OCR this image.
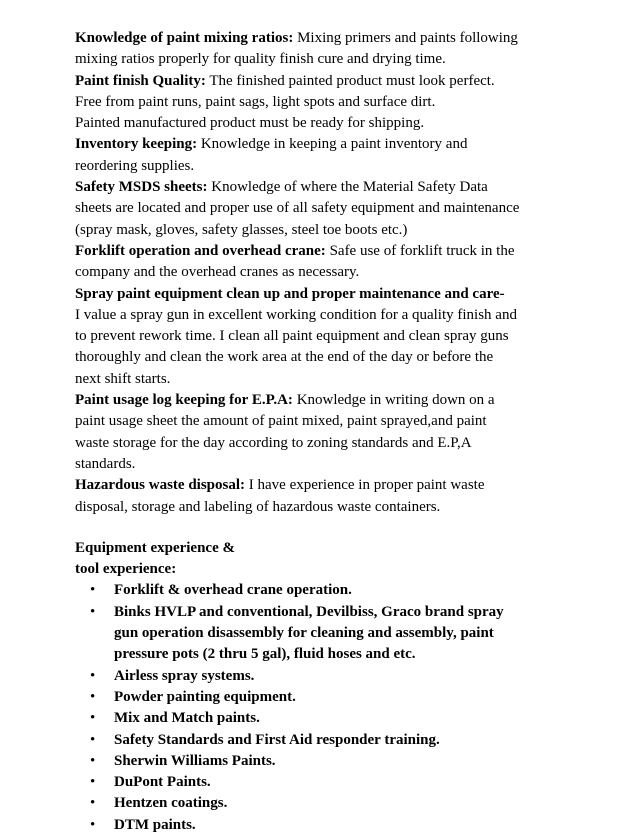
Knowledge of paint mixing ratios: Mixing primers and paints following
mixing ratios properly for quality finish cure and drying time.
Paint finish Quality: The finished painted product must look perfect.
Free from paint runs, paint sags, light spots and surface dirt.
Painted manufactured product must be ready for shipping.
Inventory keeping: Knowledge in keeping a paint inventory and
reordering supplies.
Safety MSDS sheets: Knowledge of where the Material Safety Data
sheets are located and proper use of all safety equipment and maintenance
(spray mask, gloves, safety glasses, steel toe boots etc.)
Forklift operation and overhead crane: Safe use of forklift truck in the
company and the overhead cranes as necessary.
Spray paint equipment clean up and proper maintenance and care-
I value a spray gun in excellent working condition for a quality finish and
to prevent rework time. I clean all paint equipment and clean spray guns
thoroughly and clean the work area at the end of the day or before the
next shift starts.
Paint usage log keeping for E.P.A: Knowledge in writing down on a
paint usage sheet the amount of paint mixed, paint sprayed,and paint
waste storage for the day according to zoning standards and E.P,A
standards.
Hazardous waste disposal: I have experience in proper paint waste
disposal, storage and labeling of hazardous waste containers.
Equipment experience &
tool experience:
• Forklift & overhead crane operation.
• Binks HVLP and conventional, Devilbiss, Graco brand spray
gun operation disassembly for cleaning and assembly, paint
pressure pots (2 thru 5 gal), fluid hoses and etc.
• Airless spray systems.
• Powder painting equipment.
• Mix and Match paints.
• Safety Standards and First Aid responder training.
• Sherwin Williams Paints.
• DuPont Paints.
• Hentzen coatings.
• DTM paints.
